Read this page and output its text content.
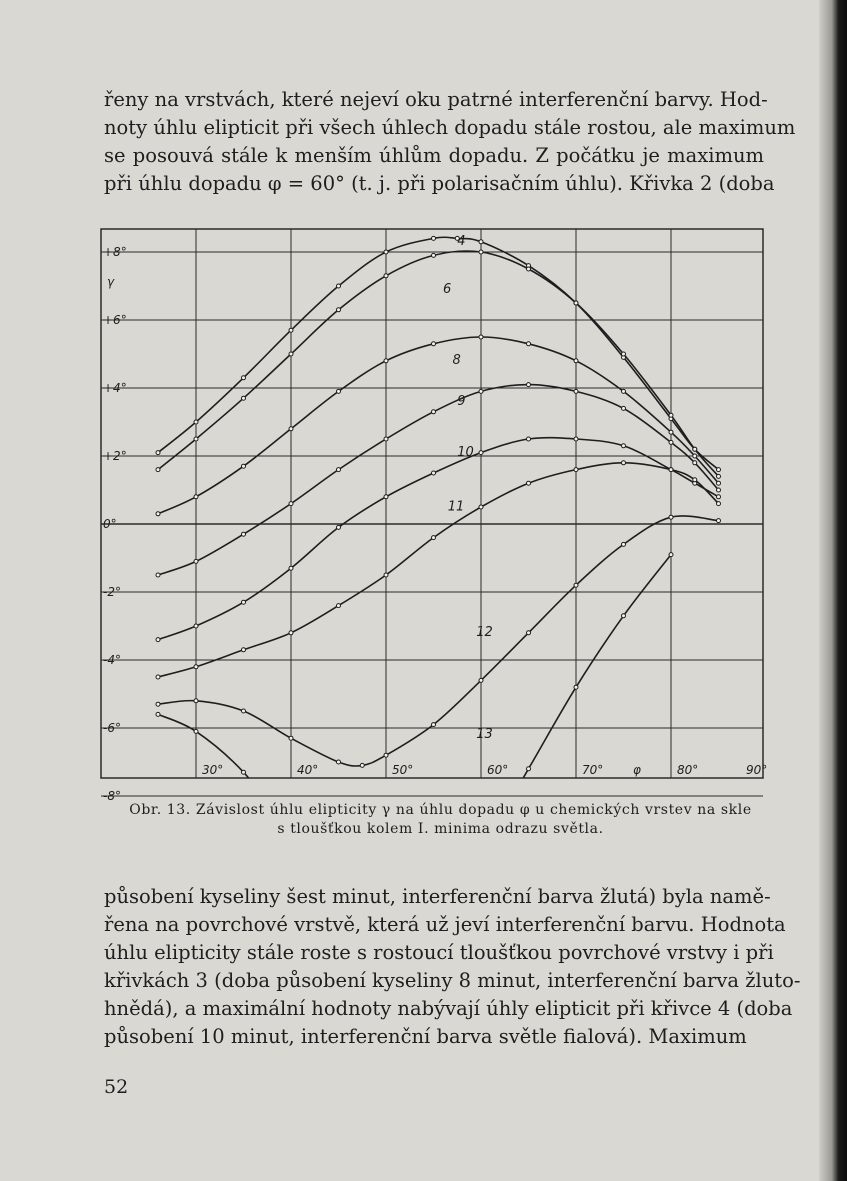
řeny na vrstvách, které nejeví oku patrné interferenční barvy. Hod-
noty úhlu elipticit při všech úhlech dopadu stále rostou, ale maximum
se posouvá stále k menším úhlům dopadu. Z počátku je maximum
při úhlu dopadu φ = 60° (t. j. při polarisačním úhlu). Křivka 2 (doba

30°	40°	50°	60°	70°	80°	90°
φ
+8°
+6°
+4°
+2°
0°
-2°
-4°
-6°
-8°
γ
4
6
8
9
10
11
12
13
Obr. 13. Závislost úhlu elipticity γ na úhlu dopadu φ u chemických vrstev na skle
s tloušťkou kolem I. minima odrazu světla.

působení kyseliny šest minut, interferenční barva žlutá) byla namě-
řena na povrchové vrstvě, která už jeví interferenční barvu. Hodnota
úhlu elipticity stále roste s rostoucí tloušťkou povrchové vrstvy i při
křivkách 3 (doba působení kyseliny 8 minut, interferenční barva žluto-
hnědá), a maximální hodnoty nabývají úhly elipticit při křivce 4 (doba
působení 10 minut, interferenční barva světle fialová). Maximum

52
